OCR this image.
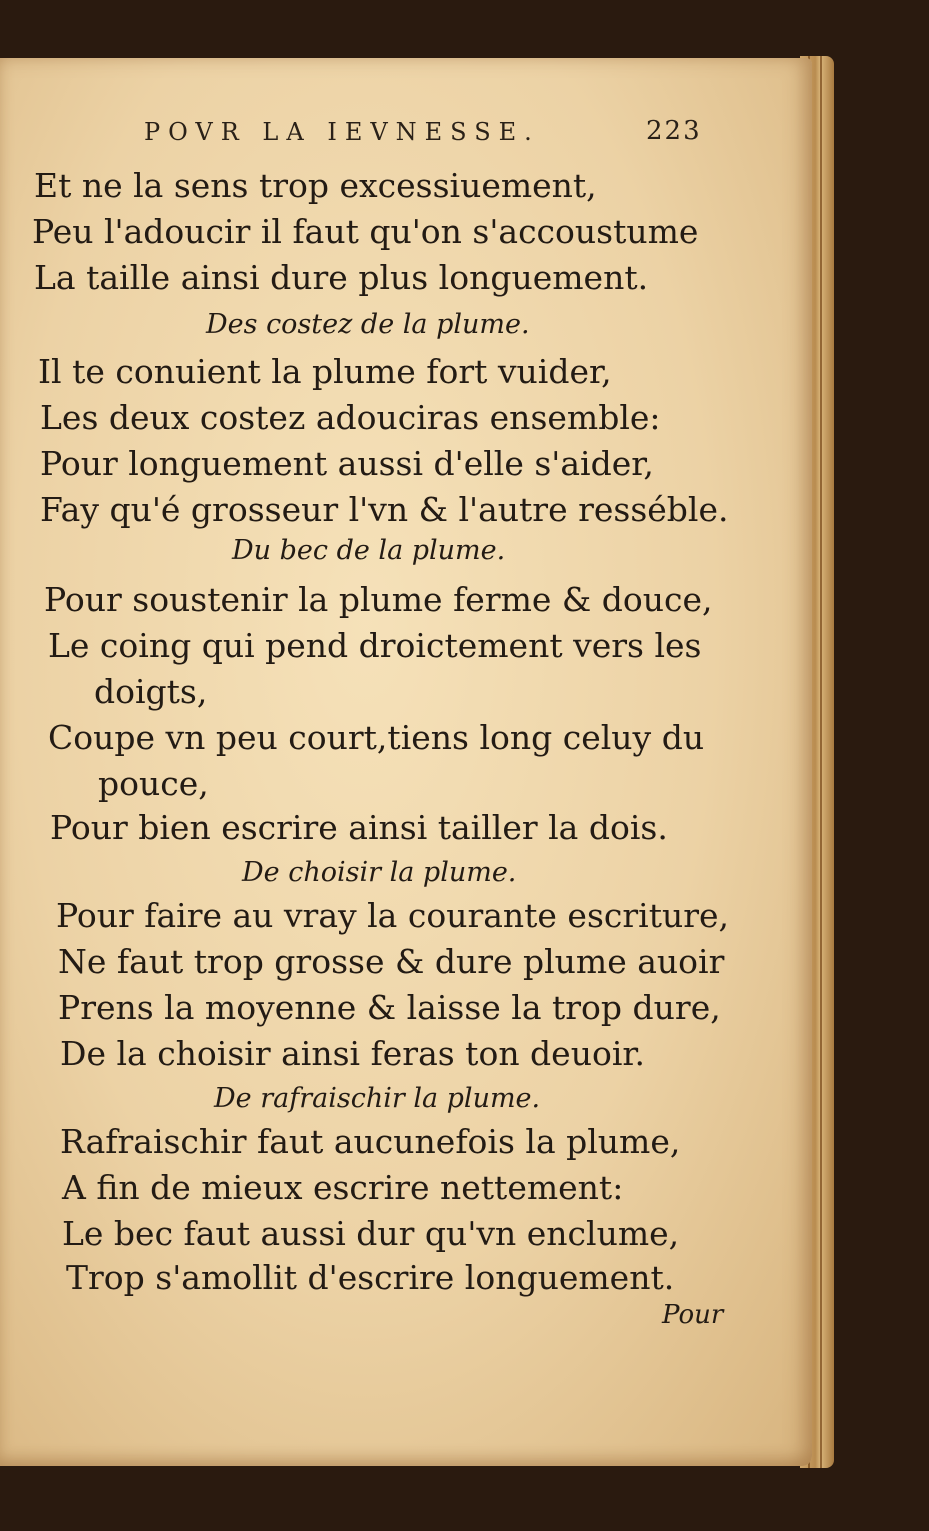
POVR LA IEVNESSE.	223
Et ne la sens trop excessiuement,
Peu l'adoucir il faut qu'on s'accoustume
La taille ainsi dure plus longuement.
Des costez de la plume.
Il te conuient la plume fort vuider,
Les deux costez adouciras ensemble:
Pour longuement aussi d'elle s'aider,
Fay qu'é grosseur l'vn & l'autre resséble.
Du bec de la plume.
Pour soustenir la plume ferme & douce,
Le coing qui pend droictement vers les
doigts,
Coupe vn peu court,tiens long celuy du
pouce,
Pour bien escrire ainsi tailler la dois.
De choisir la plume.
Pour faire au vray la courante escriture,
Ne faut trop grosse & dure plume auoir
Prens la moyenne & laisse la trop dure,
De la choisir ainsi feras ton deuoir.
De rafraischir la plume.
Rafraischir faut aucunefois la plume,
A fin de mieux escrire nettement:
Le bec faut aussi dur qu'vn enclume,
Trop s'amollit d'escrire longuement.
Pour
